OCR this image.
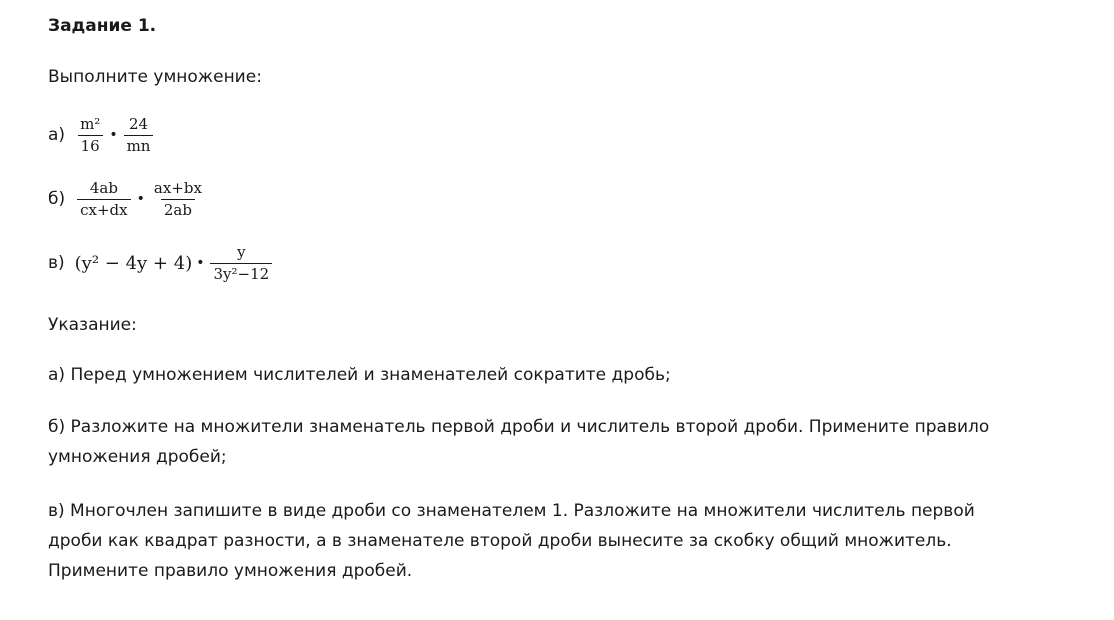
Задание 1.
Выполните умножение:
$а) \frac{\text{m²}}{16}$ • $\frac{24}{mn}$
$б) \frac{4ab}{cx+dx}$ • $\frac{ax+bx}{2ab}$
в) (y² − 4y + 4) • $\frac{y}{\text{3y²−12}}$
Указание:
а) Перед умножением числителей и знаменателей сократите дробь;
б) Разложите на множители знаменатель первой дроби и числитель второй дроби. Примените правило умножения дробей;
в) Многочлен запишите в виде дроби со знаменателем 1. Разложите на множители числитель первой дроби как квадрат разности, а в знаменателе второй дроби вынесите за скобку общий множитель. Примените правило умножения дробей.
